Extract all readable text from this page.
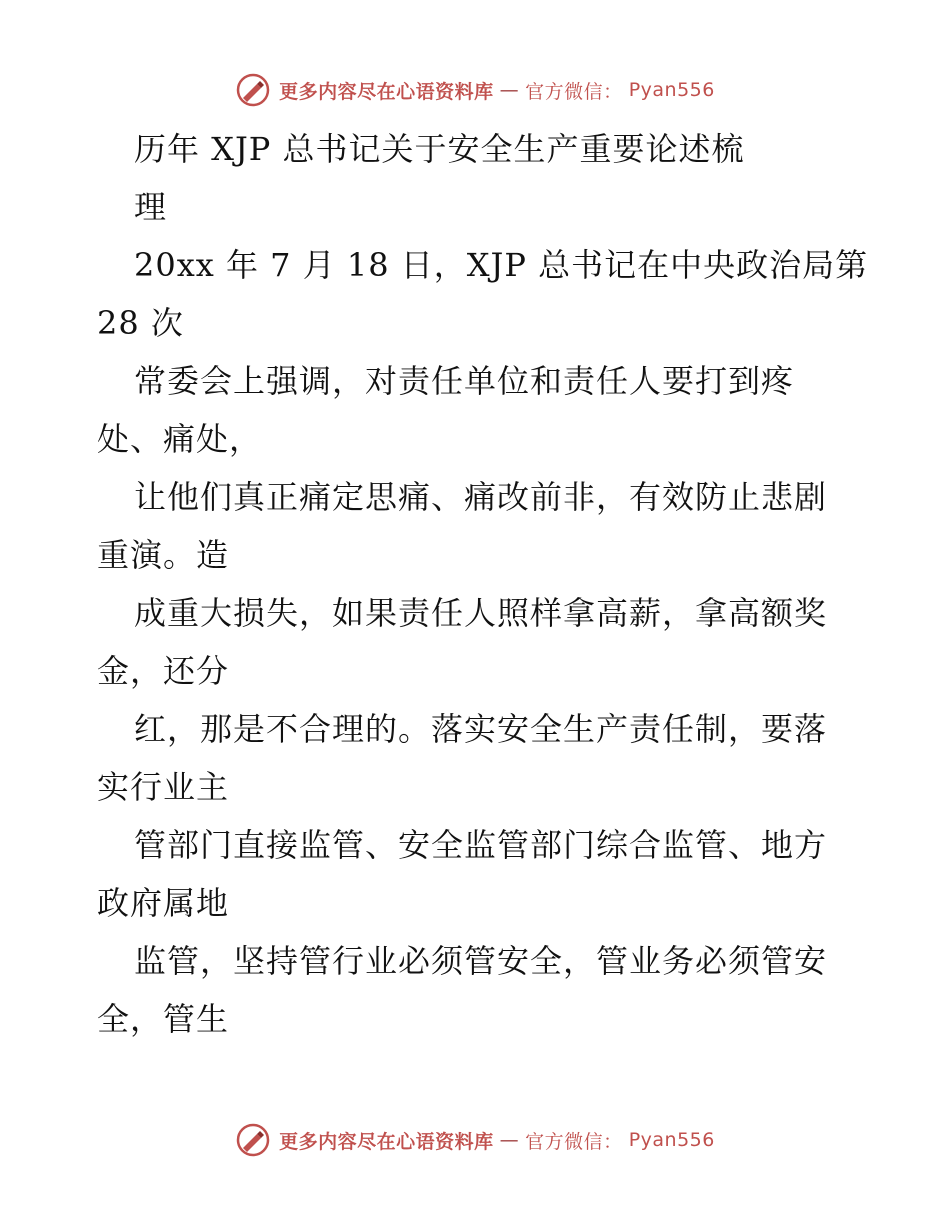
更多内容尽在心语资料库 — 官方微信： Pyan556
历年 XJP 总书记关于安全生产重要论述梳
理
20xx 年 7 月 18 日，XJP 总书记在中央政治局第
28 次
常委会上强调，对责任单位和责任人要打到疼
处、痛处，
让他们真正痛定思痛、痛改前非，有效防止悲剧
重演。造
成重大损失，如果责任人照样拿高薪，拿高额奖
金，还分
红，那是不合理的。落实安全生产责任制，要落
实行业主
管部门直接监管、安全监管部门综合监管、地方
政府属地
监管，坚持管行业必须管安全，管业务必须管安
全，管生
更多内容尽在心语资料库 — 官方微信： Pyan556
